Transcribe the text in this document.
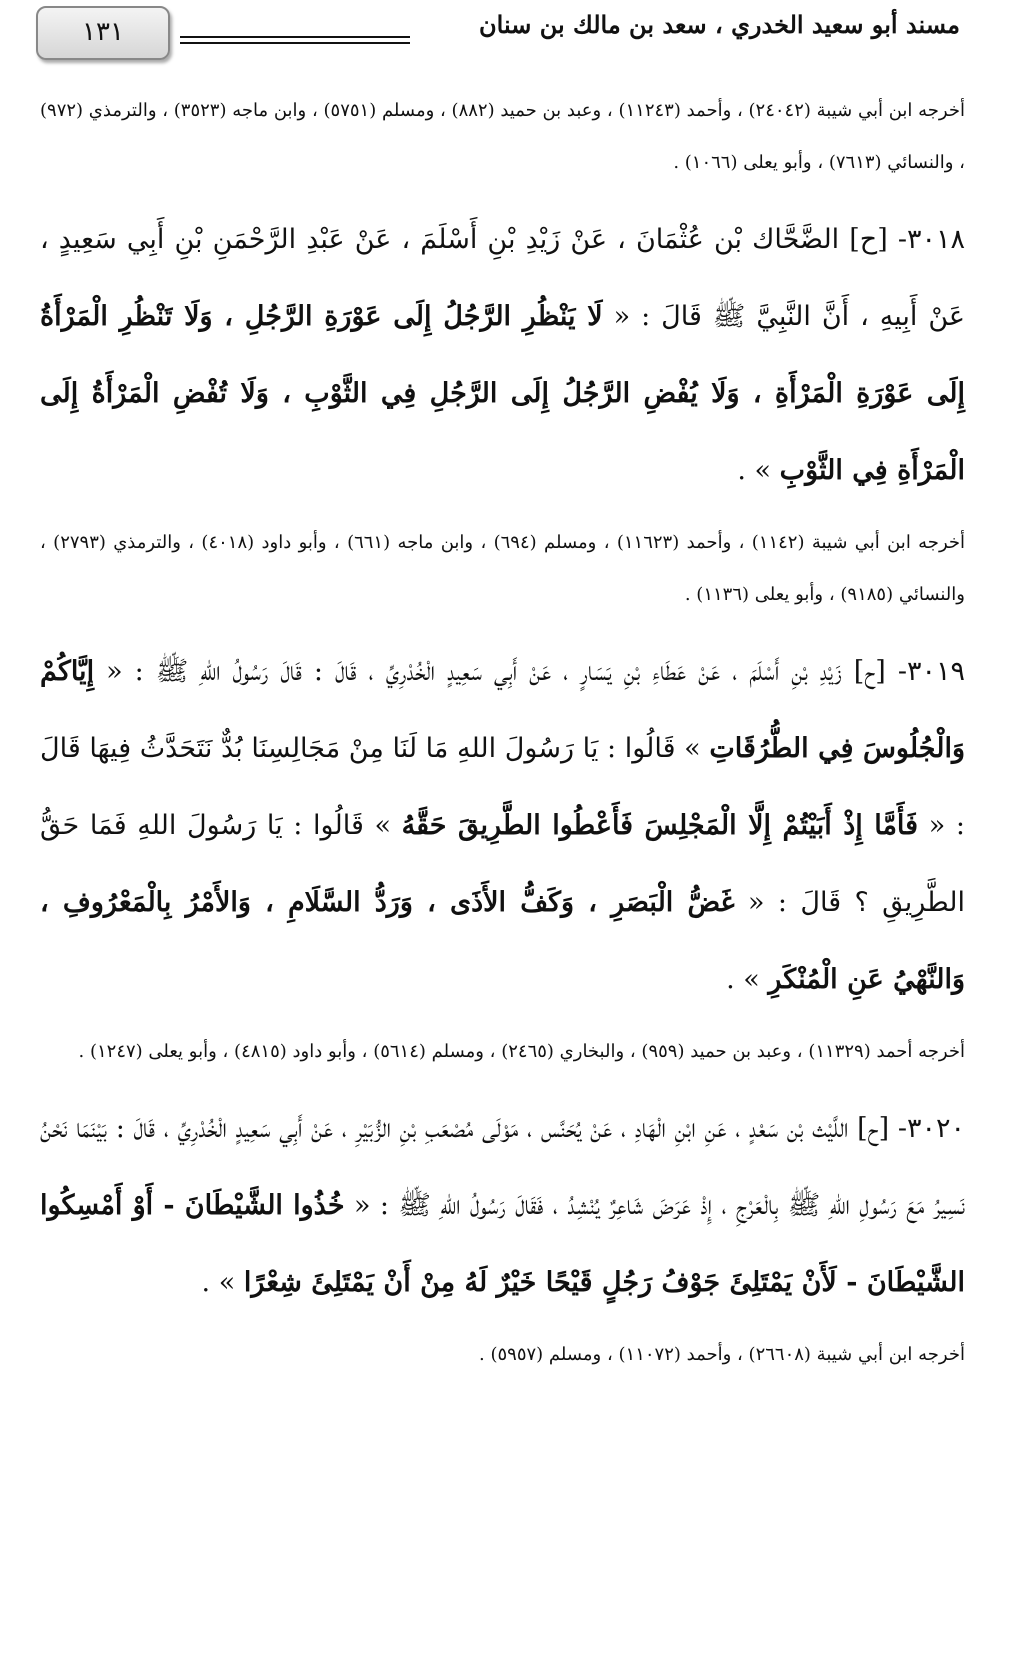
١٣١	مسند أبو سعيد الخدري ، سعد بن مالك بن سنان

أخرجه ابن أبي شيبة (٢٤٠٤٢) ، وأحمد (١١٢٤٣) ، وعبد بن حميد (٨٨٢) ، ومسلم (٥٧٥١) ، وابن ماجه (٣٥٢٣) ، والترمذي (٩٧٢) ، والنسائي (٧٦١٣) ، وأبو يعلى (١٠٦٦) .

٣٠١٨- [ح] الضَّحَّاك بْن عُثْمَانَ ، عَنْ زَيْدِ بْنِ أَسْلَمَ ، عَنْ عَبْدِ الرَّحْمَنِ بْنِ أَبِي سَعِيدٍ ، عَنْ أَبِيهِ ، أَنَّ النَّبِيَّ ﷺ قَالَ : « لَا يَنْظُرِ الرَّجُلُ إِلَى عَوْرَةِ الرَّجُلِ ، وَلَا تَنْظُرِ الْمَرْأَةُ إِلَى عَوْرَةِ الْمَرْأَةِ ، وَلَا يُفْضِ الرَّجُلُ إِلَى الرَّجُلِ فِي الثَّوْبِ ، وَلَا تُفْضِ الْمَرْأَةُ إِلَى الْمَرْأَةِ فِي الثَّوْبِ » .

أخرجه ابن أبي شيبة (١١٤٢) ، وأحمد (١١٦٢٣) ، ومسلم (٦٩٤) ، وابن ماجه (٦٦١) ، وأبو داود (٤٠١٨) ، والترمذي (٢٧٩٣) ، والنسائي (٩١٨٥) ، وأبو يعلى (١١٣٦) .

٣٠١٩- [ح] زَيْدِ بْنِ أَسْلَمَ ، عَنْ عَطَاءِ بْنِ يَسَارٍ ، عَنْ أَبِي سَعِيدٍ الْخُدْرِيِّ ، قَالَ : قَالَ رَسُولُ اللهِ ﷺ : « إِيَّاكُمْ وَالْجُلُوسَ فِي الطُّرُقَاتِ » قَالُوا : يَا رَسُولَ اللهِ مَا لَنَا مِنْ مَجَالِسِنَا بُدٌّ نَتَحَدَّثُ فِيهَا قَالَ : « فَأَمَّا إِذْ أَبَيْتُمْ إِلَّا الْمَجْلِسَ فَأَعْطُوا الطَّرِيقَ حَقَّهُ » قَالُوا : يَا رَسُولَ اللهِ فَمَا حَقُّ الطَّرِيقِ ؟ قَالَ : « غَضُّ الْبَصَرِ ، وَكَفُّ الأَذَى ، وَرَدُّ السَّلَامِ ، وَالأَمْرُ بِالْمَعْرُوفِ ، وَالنَّهْيُ عَنِ الْمُنْكَرِ » .

أخرجه أحمد (١١٣٢٩) ، وعبد بن حميد (٩٥٩) ، والبخاري (٢٤٦٥) ، ومسلم (٥٦١٤) ، وأبو داود (٤٨١٥) ، وأبو يعلى (١٢٤٧) .

٣٠٢٠- [ح] اللَّيْث بْن سَعْدٍ ، عَنِ ابْنِ الْهَادِ ، عَنْ يُحَنَّس ، مَوْلَى مُصْعَبِ بْنِ الزُّبَيْرِ ، عَنْ أَبِي سَعِيدٍ الْخُدْرِيِّ ، قَالَ : بَيْنَمَا نَحْنُ نَسِيرُ مَعَ رَسُولِ اللهِ ﷺ بِالْعَرْجِ ، إِذْ عَرَضَ شَاعِرٌ يُنْشِدُ ، فَقَالَ رَسُولُ اللهِ ﷺ : « خُذُوا الشَّيْطَانَ - أَوْ أَمْسِكُوا الشَّيْطَانَ - لَأَنْ يَمْتَلِئَ جَوْفُ رَجُلٍ قَيْحًا خَيْرٌ لَهُ مِنْ أَنْ يَمْتَلِئَ شِعْرًا » .

أخرجه ابن أبي شيبة (٢٦٦٠٨) ، وأحمد (١١٠٧٢) ، ومسلم (٥٩٥٧) .
